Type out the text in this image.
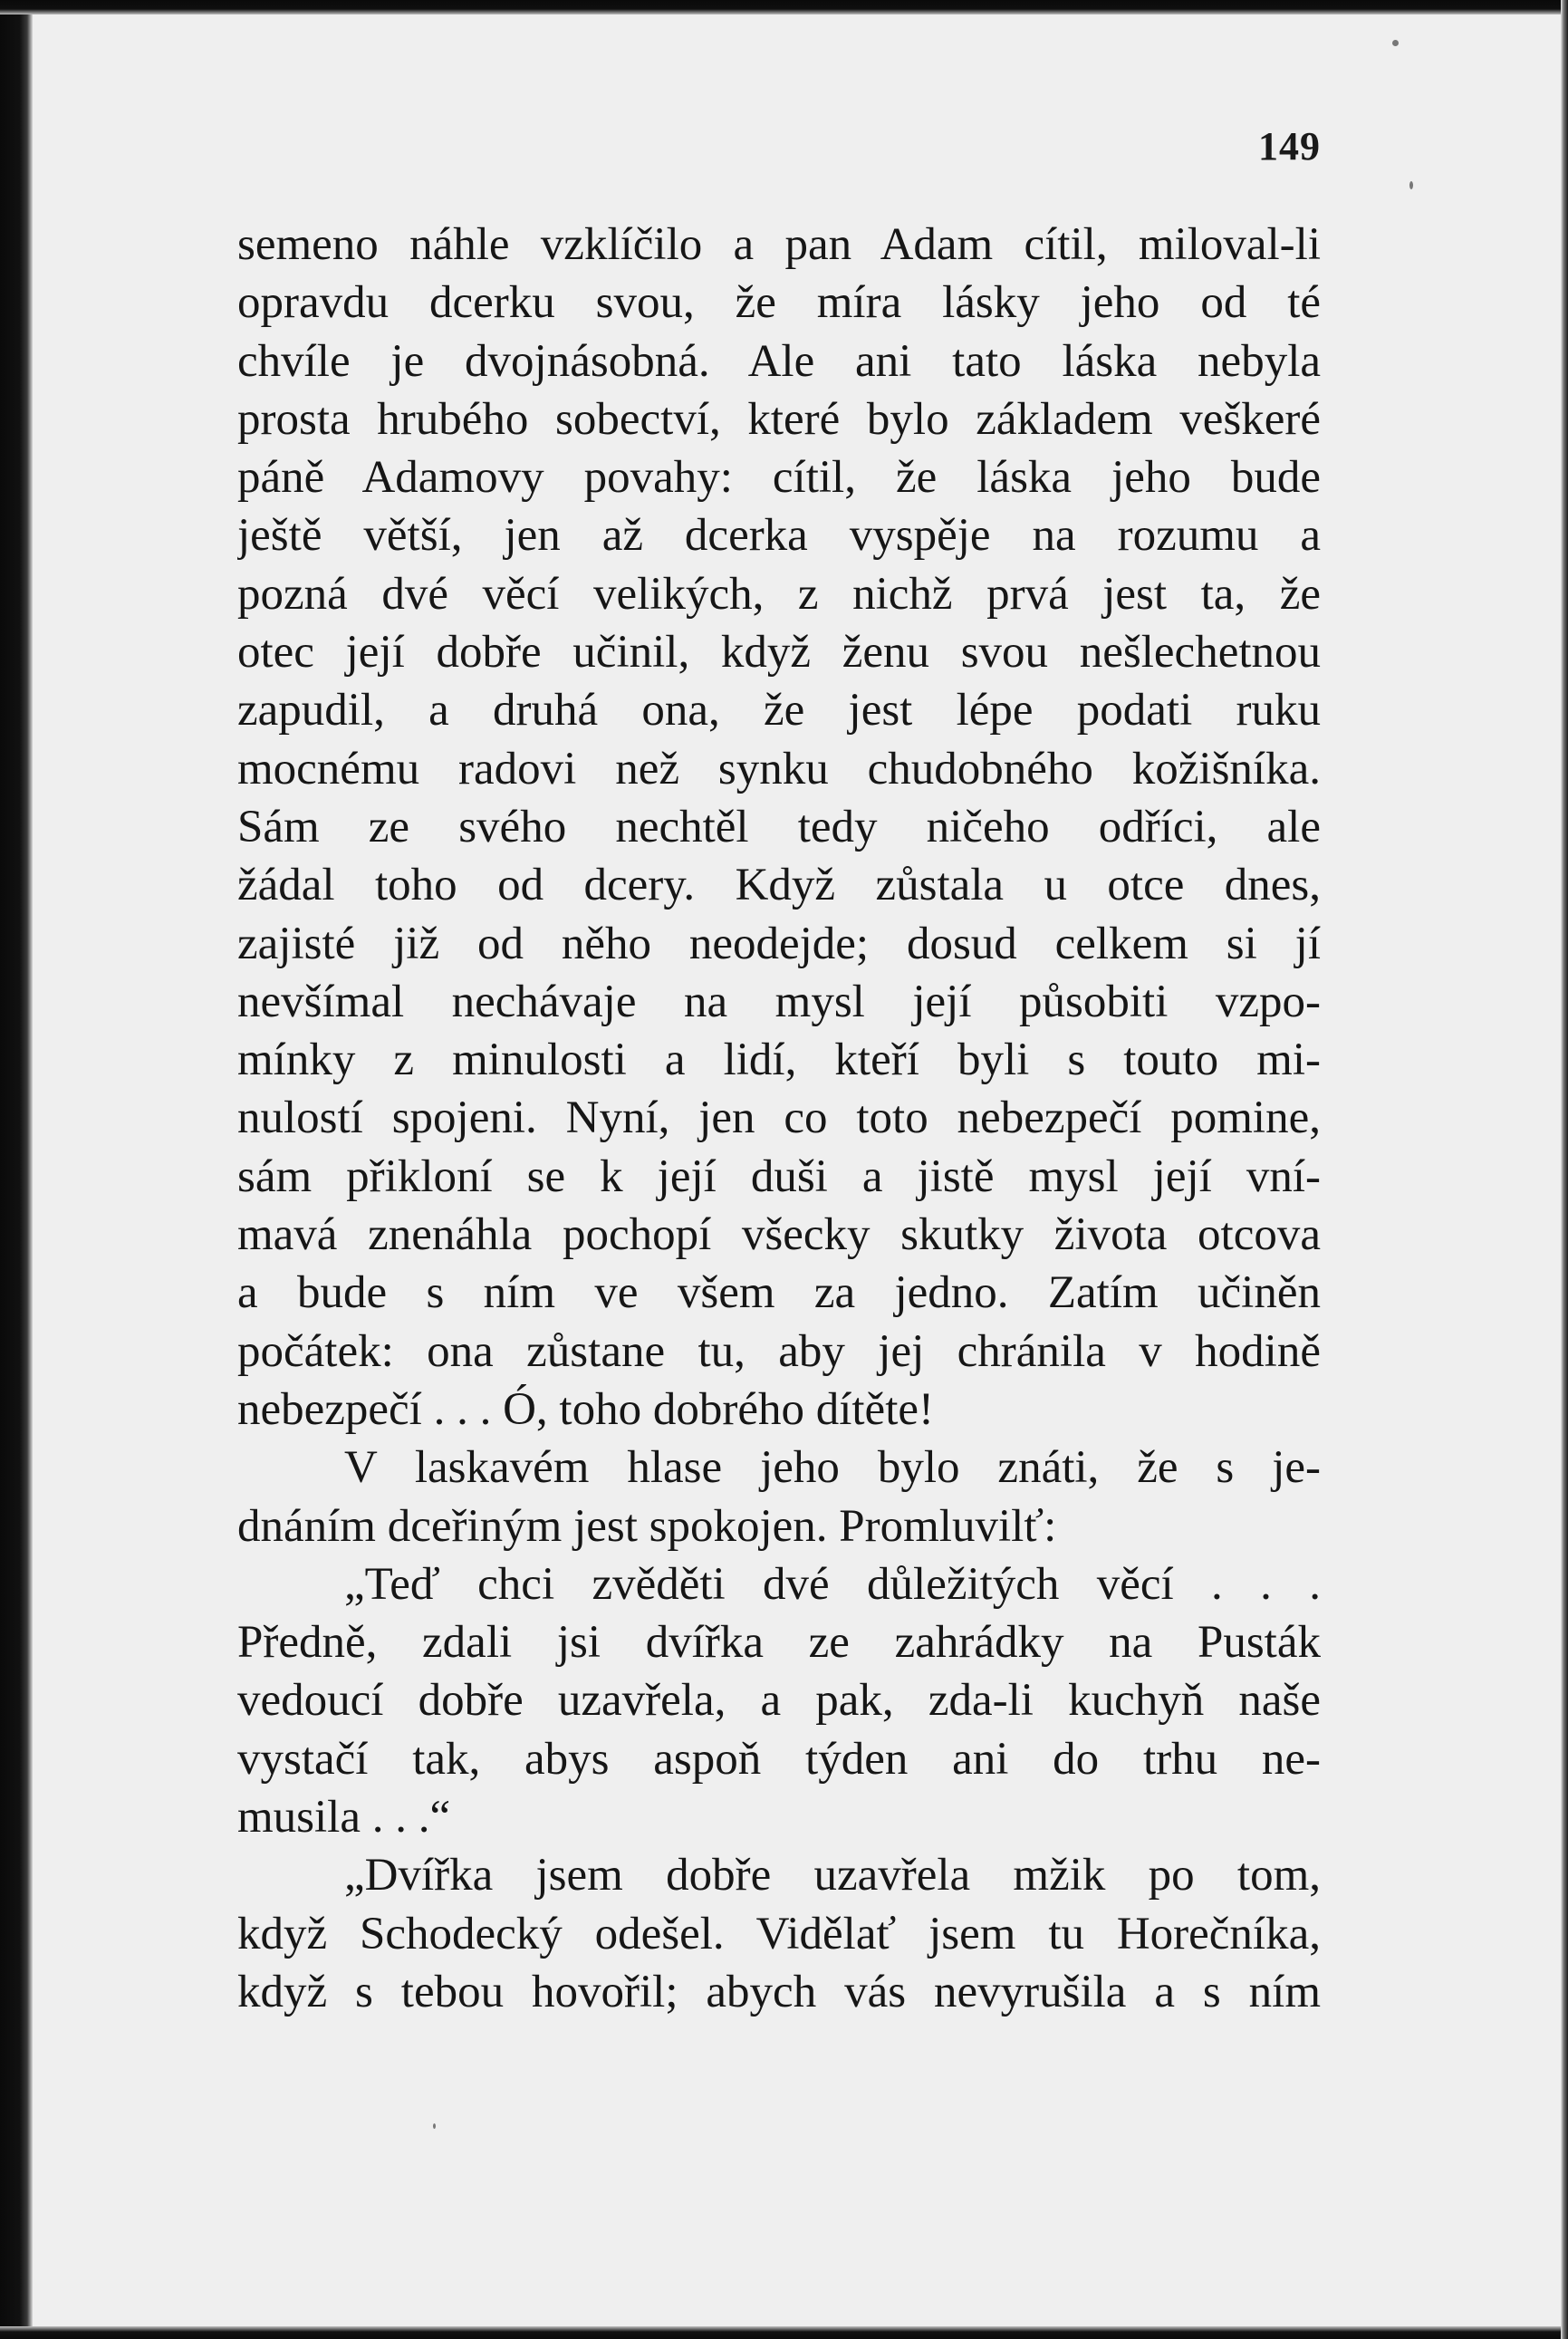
149
semeno náhle vzklíčilo a pan Adam cítil, miloval-li
opravdu dcerku svou, že míra lásky jeho od té
chvíle je dvojnásobná. Ale ani tato láska nebyla
prosta hrubého sobectví, které bylo základem veškeré
páně Adamovy povahy: cítil, že láska jeho bude
ještě větší, jen až dcerka vyspěje na rozumu a
pozná dvé věcí velikých, z nichž prvá jest ta, že
otec její dobře učinil, když ženu svou nešlechetnou
zapudil, a druhá ona, že jest lépe podati ruku
mocnému radovi než synku chudobného kožišníka.
Sám ze svého nechtěl tedy ničeho odříci, ale
žádal toho od dcery. Když zůstala u otce dnes,
zajisté již od něho neodejde; dosud celkem si jí
nevšímal nechávaje na mysl její působiti vzpo-
mínky z minulosti a lidí, kteří byli s touto mi-
nulostí spojeni. Nyní, jen co toto nebezpečí pomine,
sám přikloní se k její duši a jistě mysl její vní-
mavá znenáhla pochopí všecky skutky života otcova
a bude s ním ve všem za jedno. Zatím učiněn
počátek: ona zůstane tu, aby jej chránila v hodině
nebezpečí . . . Ó, toho dobrého dítěte!
V laskavém hlase jeho bylo znáti, že s je-
dnáním dceřiným jest spokojen. Promluvilť:
„Teď chci zvěděti dvé důležitých věcí . . .
Předně, zdali jsi dvířka ze zahrádky na Pusták
vedoucí dobře uzavřela, a pak, zda-li kuchyň naše
vystačí tak, abys aspoň týden ani do trhu ne-
musila . . .“
„Dvířka jsem dobře uzavřela mžik po tom,
když Schodecký odešel. Vidělať jsem tu Horečníka,
když s tebou hovořil; abych vás nevyrušila a s ním
